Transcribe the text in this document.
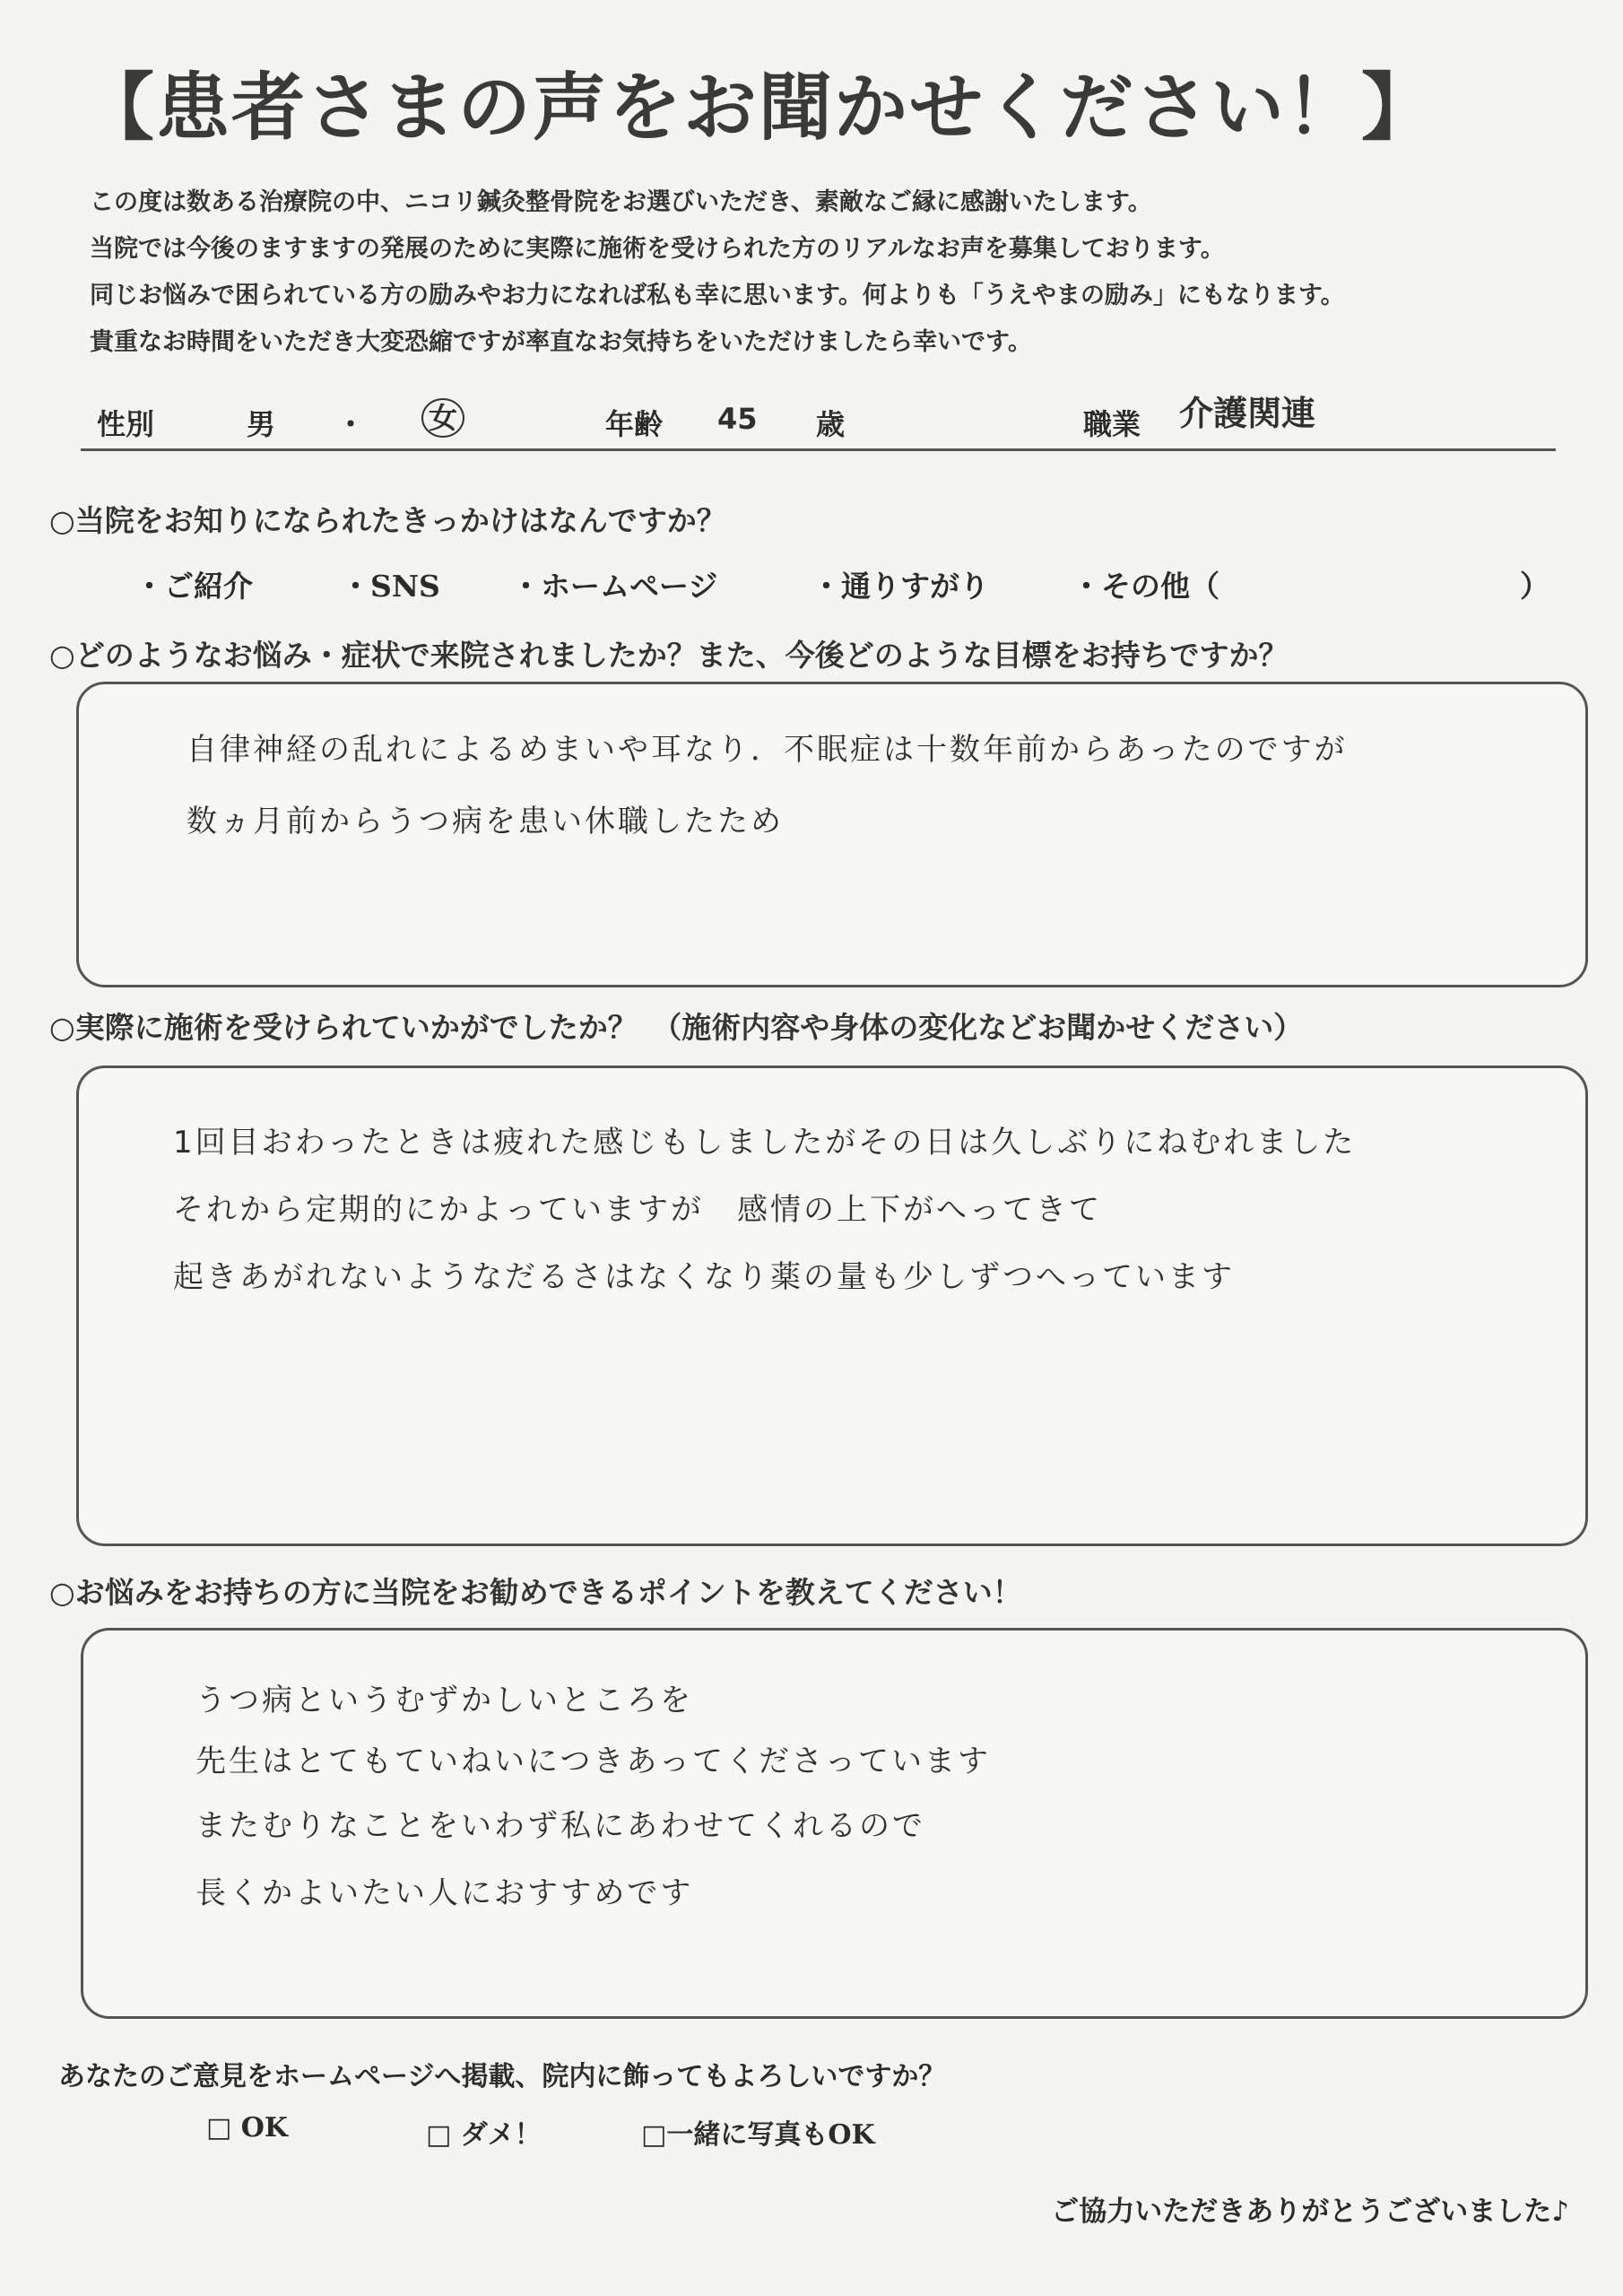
【患者さまの声をお聞かせください！】

この度は数ある治療院の中、ニコリ鍼灸整骨院をお選びいただき、素敵なご縁に感謝いたします。

当院では今後のますますの発展のために実際に施術を受けられた方のリアルなお声を募集しております。

同じお悩みで困られている方の励みやお力になれば私も幸に思います。何よりも「うえやまの励み」にもなります。

貴重なお時間をいただき大変恐縮ですが率直なお気持ちをいただけましたら幸いです。

性別	男 ・ 女	年齢 45 歳	職業 介護関連
○当院をお知りになられたきっかけはなんですか？
・ご紹介	・SNS ・ホームページ	・通りすがり	・その他（	）
○どのようなお悩み・症状で来院されましたか？また、今後どのような目標をお持ちですか？
自律神経の乱れによるめまいや耳なり．不眠症は十数年前からあったのですが
数ヵ月前からうつ病を患い休職したため
○実際に施術を受けられていかがでしたか？　（施術内容や身体の変化などお聞かせください）
1回目おわったときは疲れた感じもしましたがその日は久しぶりにねむれました
それから定期的にかよっていますが　感情の上下がへってきて
起きあがれないようなだるさはなくなり薬の量も少しずつへっています
○お悩みをお持ちの方に当院をお勧めできるポイントを教えてください！
うつ病というむずかしいところを
先生はとてもていねいにつきあってくださっています
またむりなことをいわず私にあわせてくれるので
長くかよいたい人におすすめです
あなたのご意見をホームページへ掲載、院内に飾ってもよろしいですか？
□ OK	□ ダメ！	□一緒に写真もOK
ご協力いただきありがとうございました♪
